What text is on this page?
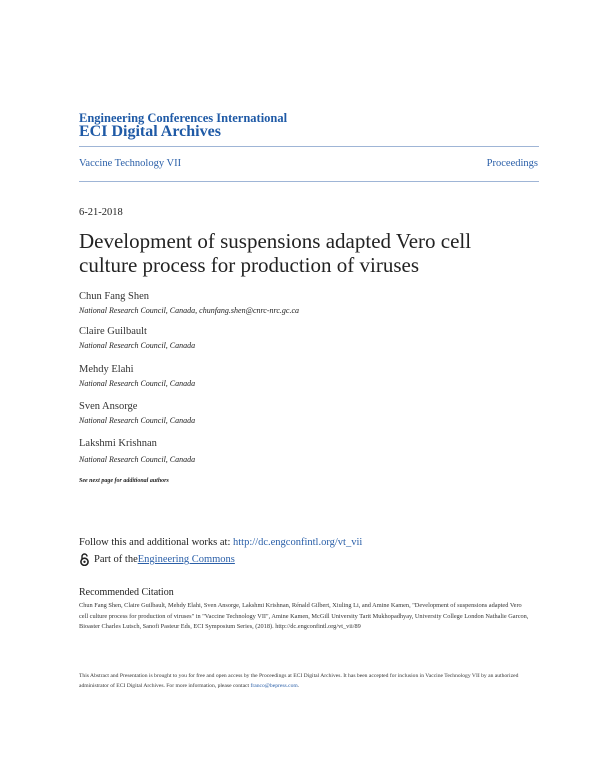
Engineering Conferences International
ECI Digital Archives
Vaccine Technology VII	Proceedings
6-21-2018
Development of suspensions adapted Vero cell culture process for production of viruses
Chun Fang Shen
National Research Council, Canada, chunfang.shen@cnrc-nrc.gc.ca
Claire Guilbault
National Research Council, Canada
Mehdy Elahi
National Research Council, Canada
Sven Ansorge
National Research Council, Canada
Lakshmi Krishnan
National Research Council, Canada
See next page for additional authors
Follow this and additional works at: http://dc.engconfintl.org/vt_vii
Part of the Engineering Commons
Recommended Citation
Chun Fang Shen, Claire Guilbault, Mehdy Elahi, Sven Ansorge, Lakshmi Krishnan, Rénald Gilbert, Xiuling Li, and Amine Kamen, "Development of suspensions adapted Vero cell culture process for production of viruses" in "Vaccine Technology VII", Amine Kamen, McGill University Tarit Mukhopadhyay, University College London Nathalie Garcon, Bioaster Charles Lutsch, Sanofi Pasteur Eds, ECI Symposium Series, (2018). http://dc.engconfintl.org/vt_vii/89
This Abstract and Presentation is brought to you for free and open access by the Proceedings at ECI Digital Archives. It has been accepted for inclusion in Vaccine Technology VII by an authorized administrator of ECI Digital Archives. For more information, please contact franco@bepress.com.
